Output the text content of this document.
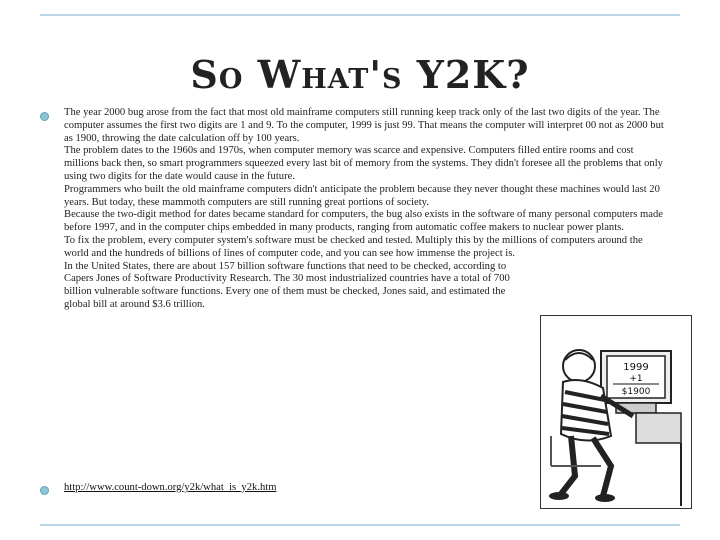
So What's Y2K?

The year 2000 bug arose from the fact that most old mainframe computers still running keep track only of the last two digits of the year. The computer assumes the first two digits are 1 and 9. To the computer, 1999 is just 99. That means the computer will interpret 00 not as 2000 but as 1900, throwing the date calculation off by 100 years.

The problem dates to the 1960s and 1970s, when computer memory was scarce and expensive. Computers filled entire rooms and cost millions back then, so smart programmers squeezed every last bit of memory from the systems. They didn't foresee all the problems that only using two digits for the date would cause in the future.

Programmers who built the old mainframe computers didn't anticipate the problem because they never thought these machines would last 20 years. But today, these mammoth computers are still running great portions of society.

Because the two-digit method for dates became standard for computers, the bug also exists in the software of many personal computers made before 1997, and in the computer chips embedded in many products, ranging from automatic coffee makers to nuclear power plants.

To fix the problem, every computer system's software must be checked and tested. Multiply this by the millions of computers around the world and the hundreds of billions of lines of computer code, and you can see how immense the project is.

In the United States, there are about 157 billion software functions that need to be checked, according to Capers Jones of Software Productivity Research. The 30 most industrialized countries have a total of 700 billion vulnerable software functions. Every one of them must be checked, Jones said, and estimated the global bill at around $3.6 trillion.

1999
+1
$1900
http://www.count-down.org/y2k/what_is_y2k.htm
